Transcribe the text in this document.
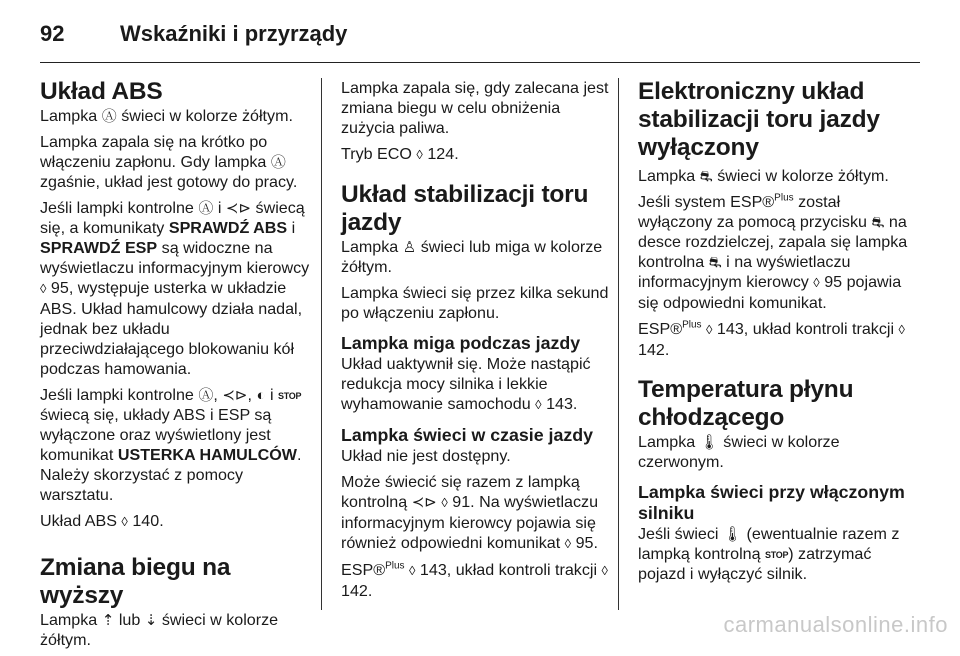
92	Wskaźniki i przyrządy
Układ ABS

Lampka Ⓐ świeci w kolorze żółtym.

Lampka zapala się na krótko po włączeniu zapłonu. Gdy lampka Ⓐ zgaśnie, układ jest gotowy do pracy.

Jeśli lampki kontrolne Ⓐ i ≺⊳ świecą się, a komunikaty SPRAWDŹ ABS i SPRAWDŹ ESP są widoczne na wyświetlaczu informacyjnym kierowcy ◊ 95, występuje usterka w układzie ABS. Układ hamulcowy działa nadal, jednak bez układu przeciwdziałającego blokowaniu kół podczas hamowania.

Jeśli lampki kontrolne Ⓐ, ≺⊳, ◐ i STOP świecą się, układy ABS i ESP są wyłączone oraz wyświetlony jest komunikat USTERKA HAMULCÓW. Należy skorzystać z pomocy warsztatu.

Układ ABS ◊ 140.

Zmiana biegu na wyższy

Lampka ⇡ lub ⇣ świeci w kolorze żółtym.

Lampka zapala się, gdy zalecana jest zmiana biegu w celu obniżenia zużycia paliwa.

Tryb ECO ◊ 124.

Układ stabilizacji toru jazdy

Lampka ♙ świeci lub miga w kolorze żółtym.

Lampka świeci się przez kilka sekund po włączeniu zapłonu.

Lampka miga podczas jazdy

Układ uaktywnił się. Może nastąpić redukcja mocy silnika i lekkie wyhamowanie samochodu ◊ 143.

Lampka świeci w czasie jazdy

Układ nie jest dostępny.

Może świecić się razem z lampką kontrolną ≺⊳ ◊ 91. Na wyświetlaczu informacyjnym kierowcy pojawia się również odpowiedni komunikat ◊ 95.

ESP®$^{Plus}$ ◊ 143, układ kontroli trakcji ◊ 142.

Elektroniczny układ stabilizacji toru jazdy wyłączony

Lampka ⛐ świeci w kolorze żółtym.

Jeśli system ESP®$^{Plus}$ został wyłączony za pomocą przycisku ⛐ na desce rozdzielczej, zapala się lampka kontrolna ⛐ i na wyświetlaczu informacyjnym kierowcy ◊ 95 pojawia się odpowiedni komunikat.

ESP®$^{Plus}$ ◊ 143, układ kontroli trakcji ◊ 142.

Temperatura płynu chłodzącego

Lampka 🌡 świeci w kolorze czerwonym.

Lampka świeci przy włączonym silniku

Jeśli świeci 🌡 (ewentualnie razem z lampką kontrolną STOP) zatrzymać pojazd i wyłączyć silnik.

carmanualsonline.info
